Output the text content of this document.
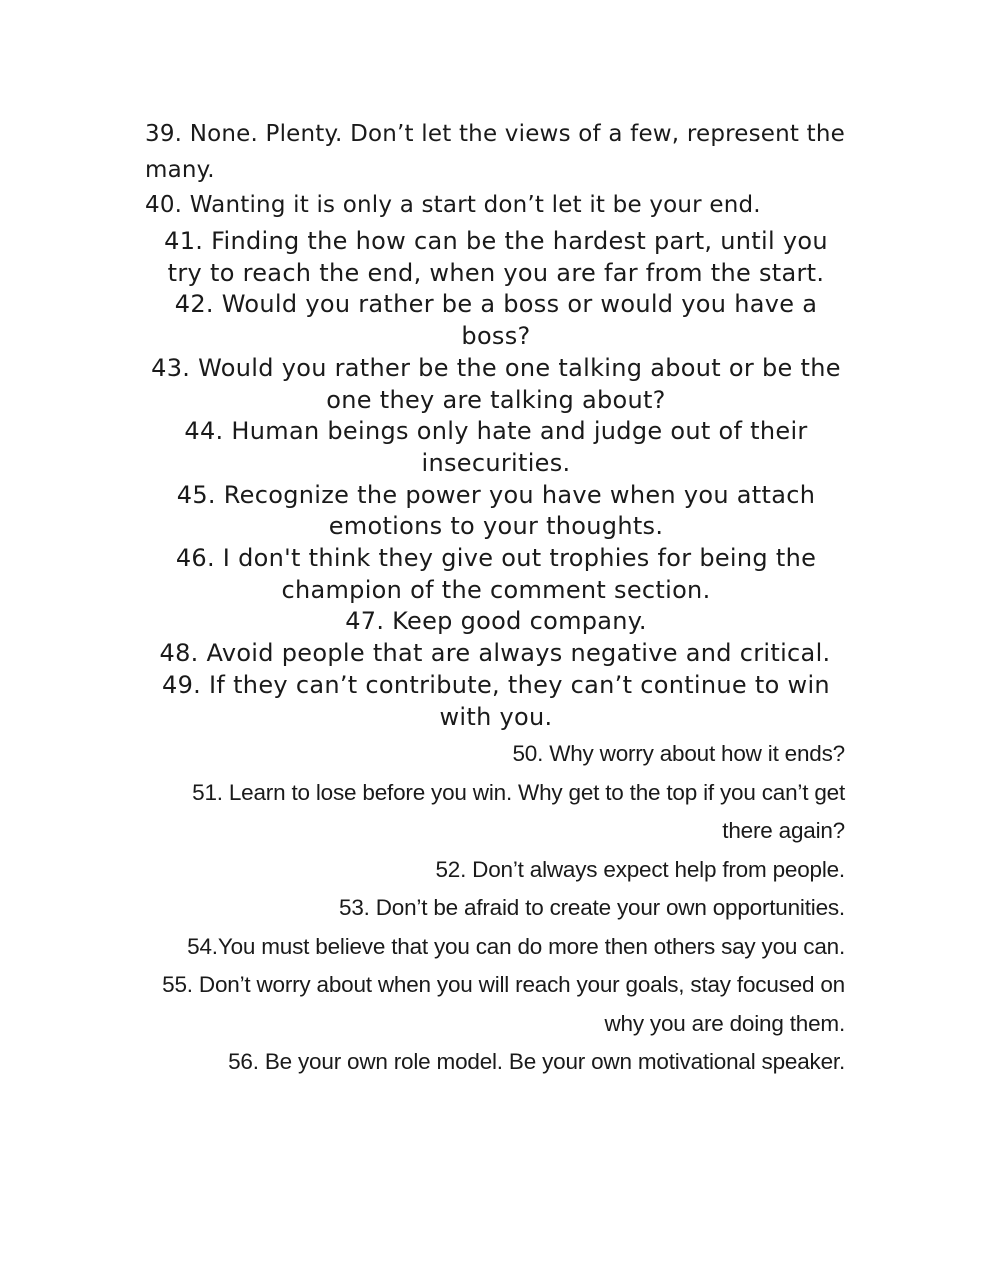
39. None. Plenty. Don’t let the views of a few, represent the many.

40. Wanting it is only a start don’t let it be your end.

41. Finding the how can be the hardest part, until you try to reach the end, when you are far from the start.

42. Would you rather be a boss or would you have a boss?

43. Would you rather be the one talking about or be the one they are talking about?

44. Human beings only hate and judge out of their insecurities.

45. Recognize the power you have when you attach emotions to your thoughts.

46. I don't think they give out trophies for being the champion of the comment section.

47. Keep good company.

48. Avoid people that are always negative and critical.

49. If they can’t contribute, they can’t continue to win with you.

50. Why worry about how it ends?

51. Learn to lose before you win. Why get to the top if you can’t get there again?

52. Don’t always expect help from people.

53. Don’t be afraid to create your own opportunities.

54.You must believe that you can do more then others say you can.

55. Don’t worry about when you will reach your goals, stay focused on why you are doing them.

56. Be your own role model. Be your own motivational speaker.
